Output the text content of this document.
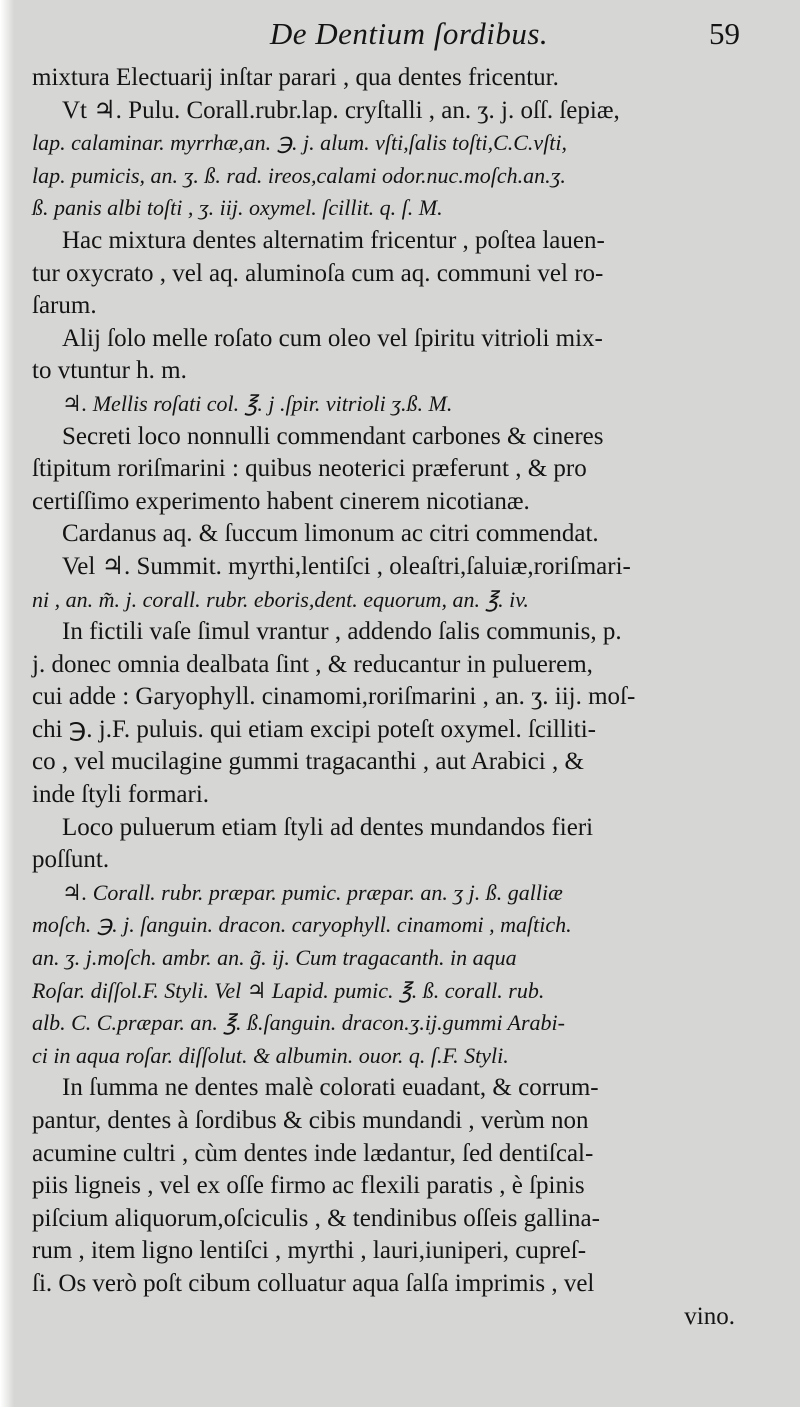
De Dentium ſordibus.	59
mixtura Electuarij inſtar parari , qua dentes fricentur.
Vt ♃. Pulu. Corall.rubr.lap. cryſtalli , an. ʒ. j. oſſ. ſepiæ,
lap. calaminar. myrrhæ,an. ℈. j. alum. vſti,ſalis toſti,C.C.vſti,
lap. pumicis, an. ʒ. ß. rad. ireos,calami odor.nuc.moſch.an.ʒ.
ß. panis albi toſti , ʒ. iij. oxymel. ſcillit. q. ſ. M.
Hac mixtura dentes alternatim fricentur , poſtea lauen-
tur oxycrato , vel aq. aluminoſa cum aq. communi vel ro-
ſarum.
Alij ſolo melle roſato cum oleo vel ſpiritu vitrioli mix-
to vtuntur h. m.
♃. Mellis roſati col. ℥. j .ſpir. vitrioli ʒ.ß. M.
Secreti loco nonnulli commendant carbones & cineres
ſtipitum roriſmarini : quibus neoterici præferunt , & pro
certiſſimo experimento habent cinerem nicotianæ.
Cardanus aq. & ſuccum limonum ac citri commendat.
Vel ♃. Summit. myrthi,lentiſci , oleaſtri,ſaluiæ,roriſmari-
ni , an. m̃. j. corall. rubr. eboris,dent. equorum, an. ℥. iv.
In fictili vaſe ſimul vrantur , addendo ſalis communis, p.
j. donec omnia dealbata ſint , & reducantur in puluerem,
cui adde : Garyophyll. cinamomi,roriſmarini , an. ʒ. iij. moſ-
chi ℈. j.F. puluis. qui etiam excipi poteſt oxymel. ſcilliti-
co , vel mucilagine gummi tragacanthi , aut Arabici , &
inde ſtyli formari.
Loco puluerum etiam ſtyli ad dentes mundandos fieri
poſſunt.
♃. Corall. rubr. præpar. pumic. præpar. an. ʒ j. ß. galliæ
moſch. ℈. j. ſanguin. dracon. caryophyll. cinamomi , maſtich.
an. ʒ. j.moſch. ambr. an. g̃. ij. Cum tragacanth. in aqua
Roſar. diſſol.F. Styli. Vel ♃ Lapid. pumic. ℥. ß. corall. rub.
alb. C. C.præpar. an. ℥. ß.ſanguin. dracon.ʒ.ij.gummi Arabi-
ci in aqua roſar. diſſolut. & albumin. ouor. q. ſ.F. Styli.
In ſumma ne dentes malè colorati euadant, & corrum-
pantur, dentes à ſordibus & cibis mundandi , verùm non
acumine cultri , cùm dentes inde lædantur, ſed dentiſcal-
piis ligneis , vel ex oſſe firmo ac flexili paratis , è ſpinis
piſcium aliquorum,oſciculis , & tendinibus oſſeis gallina-
rum , item ligno lentiſci , myrthi , lauri,iuniperi, cupreſ-
ſi. Os verò poſt cibum colluatur aqua ſalſa imprimis , vel
vino.
